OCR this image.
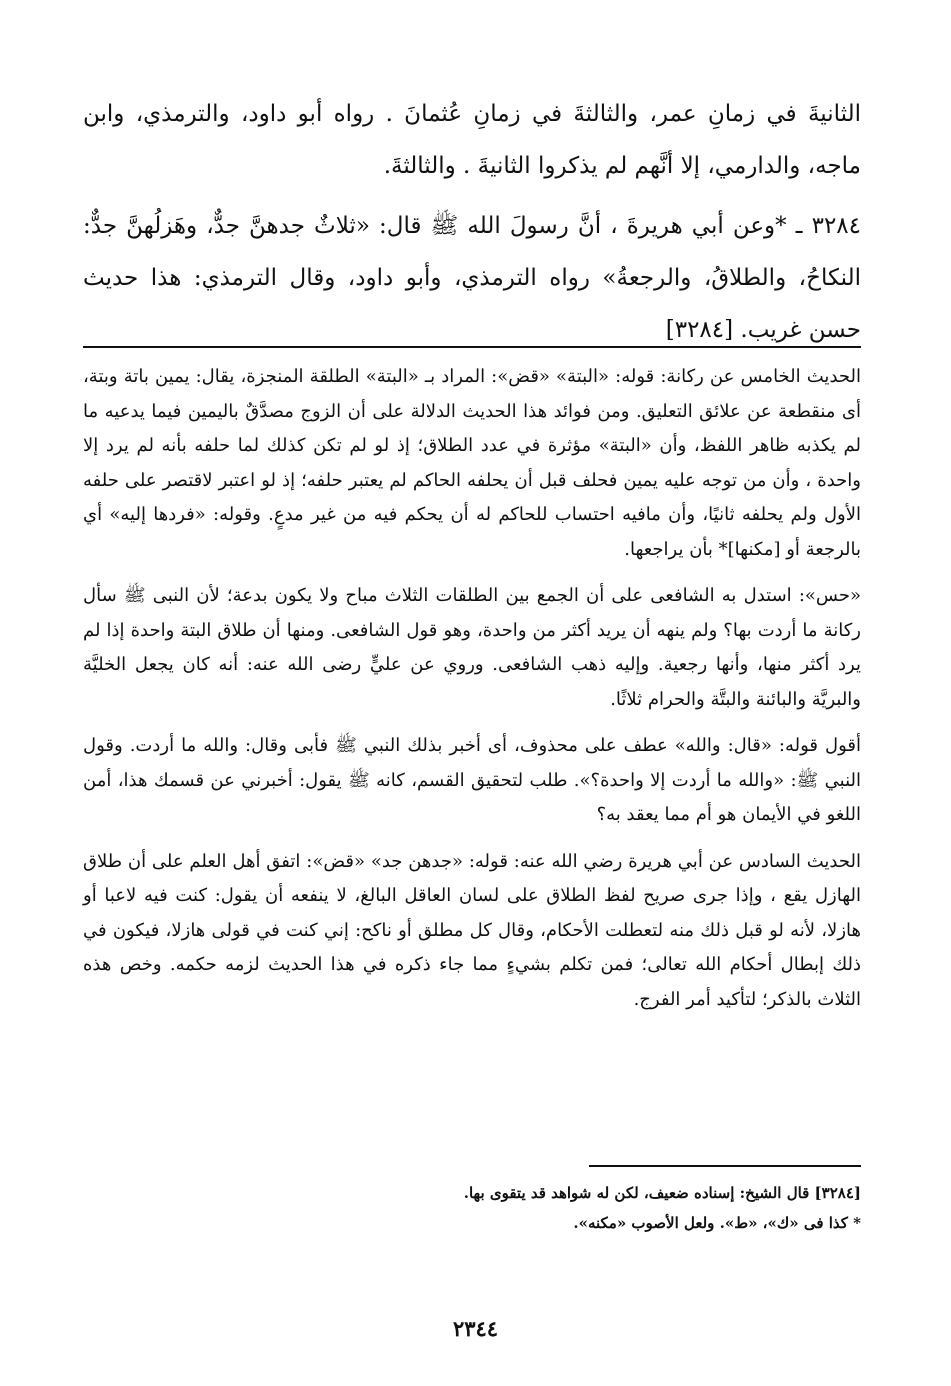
الثانيةَ في زمانِ عمر، والثالثةَ في زمانِ عُثمانَ . رواه أبو داود، والترمذي، وابن ماجه، والدارمي، إلا أنَّهم لم يذكروا الثانيةَ . والثالثةَ.

٣٢٨٤ ـ *وعن أبي هريرةَ ، أنَّ رسولَ الله ﷺ قال: «ثلاثٌ جدهنَّ جدٌّ، وهَزلُهنَّ جدٌّ: النكاحُ، والطلاقُ، والرجعةُ» رواه الترمذي، وأبو داود، وقال الترمذي: هذا حديث حسن غريب. [٣٢٨٤]

الحديث الخامس عن ركانة: قوله: «البتة» «قض»: المراد بـ «البتة» الطلقة المنجزة، يقال: يمين باتة وبتة، أى منقطعة عن علائق التعليق. ومن فوائد هذا الحديث الدلالة على أن الزوج مصدَّقٌ باليمين فيما يدعيه ما لم يكذبه ظاهر اللفظ، وأن «البتة» مؤثرة في عدد الطلاق؛ إذ لو لم تكن كذلك لما حلفه بأنه لم يرد إلا واحدة ، وأن من توجه عليه يمين فحلف قبل أن يحلفه الحاكم لم يعتبر حلفه؛ إذ لو اعتبر لاقتصر على حلفه الأول ولم يحلفه ثانيًا، وأن مافيه احتساب للحاكم له أن يحكم فيه من غير مدعٍ. وقوله: «فردها إليه» أي بالرجعة أو [مكنها]* بأن يراجعها.

«حس»: استدل به الشافعى على أن الجمع بين الطلقات الثلاث مباح ولا يكون بدعة؛ لأن النبى ﷺ سأل ركانة ما أردت بها؟ ولم ينهه أن يريد أكثر من واحدة، وهو قول الشافعى. ومنها أن طلاق البتة واحدة إذا لم يرد أكثر منها، وأنها رجعية. وإليه ذهب الشافعى. وروي عن عليٍّ رضى الله عنه: أنه كان يجعل الخليَّة والبريَّة والبائنة والبتَّة والحرام ثلاثًا.

أقول قوله: «قال: والله» عطف على محذوف، أى أخبر بذلك النبي ﷺ فأبى وقال: والله ما أردت. وقول النبي ﷺ: «والله ما أردت إلا واحدة؟». طلب لتحقيق القسم، كانه ﷺ يقول: أخبرني عن قسمك هذا، أمن اللغو في الأيمان هو أم مما يعقد به؟

الحديث السادس عن أبي هريرة رضي الله عنه: قوله: «جدهن جد» «قض»: اتفق أهل العلم على أن طلاق الهازل يقع ، وإذا جرى صريح لفظ الطلاق على لسان العاقل البالغ، لا ينفعه أن يقول: كنت فيه لاعبا أو هازلا، لأنه لو قبل ذلك منه لتعطلت الأحكام، وقال كل مطلق أو ناكح: إني كنت في قولى هازلا، فيكون في ذلك إبطال أحكام الله تعالى؛ فمن تكلم بشيءٍ مما جاء ذكره في هذا الحديث لزمه حكمه. وخص هذه الثلاث بالذكر؛ لتأكيد أمر الفرج.

[٣٢٨٤] قال الشيخ: إسناده ضعيف، لكن له شواهد قد يتقوى بها.

* كذا فى «ك»، «ط». ولعل الأصوب «مكنه».

٢٣٤٤
